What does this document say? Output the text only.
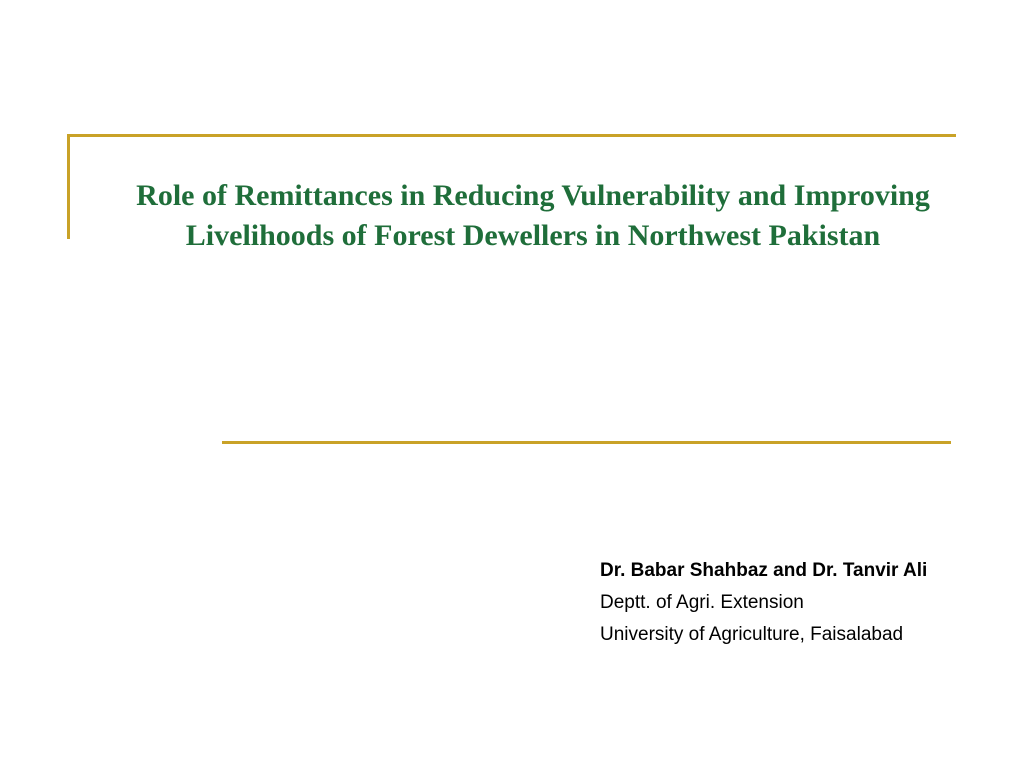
Role of Remittances in Reducing Vulnerability and Improving
Livelihoods of Forest Dewellers in Northwest Pakistan
Dr. Babar Shahbaz and Dr. Tanvir Ali
Deptt. of Agri. Extension
University of Agriculture, Faisalabad
